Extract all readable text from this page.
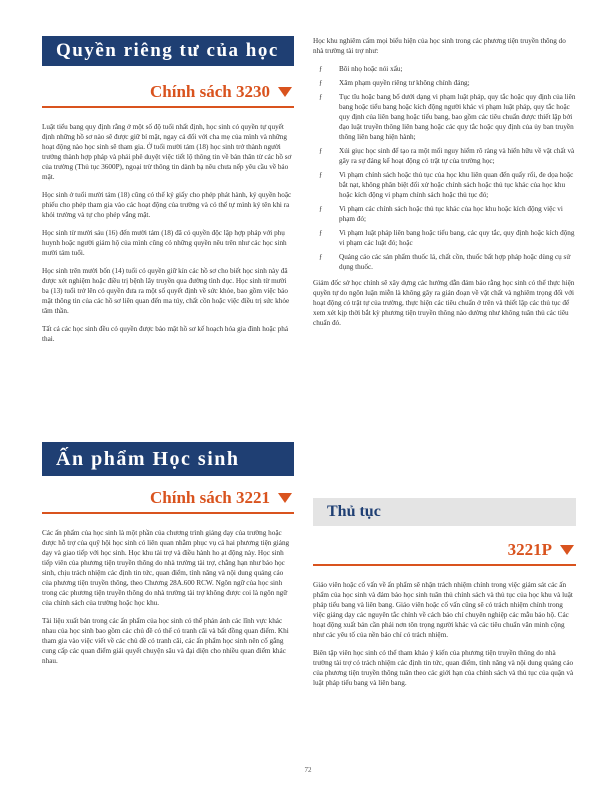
Quyền riêng tư của học sinh
Chính sách 3230

Luật tiểu bang quy định rằng ở một số độ tuổi nhất định, học sinh có quyền tự quyết định những hồ sơ nào sẽ được giữ bí mật, ngay cả đối với cha mẹ của mình và những hoạt động nào học sinh sẽ tham gia. Ở tuổi mười tám (18) học sinh trở thành người trưởng thành hợp pháp và phải phê duyệt việc tiết lộ thông tin về bản thân từ các hồ sơ của trường (Thủ tục 3600P), ngoại trừ thông tin dành bạ nêu chưa nếp yêu cầu về bảo mật.

Học sinh ở tuổi mười tám (18) cũng có thể ký giấy cho phép phát hành, ký quyền hoặc phiếu cho phép tham gia vào các hoạt động của trường và có thể tự mình ký tên khi ra khỏi trường và tự cho phép vắng mặt.

Học sinh từ mười sáu (16) đến mười tám (18) đã có quyền độc lập hợp pháp với phụ huynh hoặc người giám hộ của mình cũng có những quyền nêu trên như các học sinh mười tám tuổi.

Học sinh trên mười bốn (14) tuổi có quyền giữ kín các hồ sơ cho biết học sinh này đã được xét nghiệm hoặc điều trị bệnh lây truyền qua đường tình dục. Học sinh từ mười ba (13) tuổi trở lên có quyền đưa ra một số quyết định về sức khỏe, bao gồm việc bảo mật thông tin của các hồ sơ liên quan đến ma túy, chất cồn hoặc việc điều trị sức khỏe tâm thần.

Tất cả các học sinh đều có quyền được bảo mật hồ sơ kế hoạch hóa gia đình hoặc phá thai.

Ấn phẩm Học sinh
Chính sách 3221

Các ấn phẩm của học sinh là một phần của chương trình giảng dạy của trường hoặc được hỗ trợ của quỹ hội học sinh có liên quan nhằm phục vụ cả hai phương tiện giảng dạy và giao tiếp với học sinh. Học khu tài trợ và điều hành ho ạt động này. Học sinh tiếp viên của phương tiện truyền thông do nhà trường tài trợ, chẳng hạn như báo học sinh, chịu trách nhiệm các định tin tức, quan điểm, tính năng và nội dung quảng cáo của phương tiện truyền thông, theo Chương 28A.600 RCW. Ngôn ngữ của học sinh trong các phương tiện truyền thông do nhà trường tài trợ không được coi là ngôn ngữ của chính sách của trường hoặc học khu.

Tài liệu xuất bản trong các ấn phẩm của học sinh có thể phản ánh các lĩnh vực khác nhau của học sinh bao gồm các chủ đề có thể có tranh cãi và bất đồng quan điểm. Khi tham gia vào việc viết về các chủ đề có tranh cãi, các ấn phẩm học sinh nên cố gắng cung cấp các quan điểm giải quyết chuyện sâu và đại diện cho nhiều quan điểm khác nhau.

Học khu nghiêm cấm mọi biểu hiện của học sinh trong các phương tiện truyền thông do nhà trường tài trợ như:

ƒ Bôi nhọ hoặc nói xấu;
ƒ Xâm phạm quyền riêng tư không chính đáng;
ƒ Tục tĩu hoặc bang bổ dưới dạng vi phạm luật pháp, quy tắc hoặc quy định của liên bang hoặc tiểu bang hoặc kích động người khác vi phạm luật pháp, quy tắc hoặc quy định của liên bang hoặc tiểu bang, bao gồm các tiêu chuẩn được thiết lập bởi đạo luật truyền thông liên bang hoặc các quy tắc hoặc quy định của ủy ban truyền thông liên bang hiện hành;
ƒ Xúi giục học sinh để tạo ra một mối nguy hiểm rõ ràng và hiển hữu về vật chất và gây ra sự đáng kể hoạt động có trật tự của trường học;
ƒ Vi phạm chính sách hoặc thủ tục của học khu liên quan đến quấy rối, đe dọa hoặc bắt nạt, không phân biệt đối xử hoặc chính sách hoặc thủ tục khác của học khu hoặc kích động vi phạm chính sách hoặc thủ tục đó;
ƒ Vi phạm các chính sách hoặc thủ tục khác của học khu hoặc kích động việc vi phạm đó;
ƒ Vi phạm luật pháp liên bang hoặc tiểu bang, các quy tắc, quy định hoặc kích động vi phạm các luật đó; hoặc
ƒ Quảng cáo các sản phẩm thuốc lá, chất cồn, thuốc bất hợp pháp hoặc dùng cụ sử dụng thuốc.

Giám đốc sở học chính sẽ xây dựng các hướng dẫn đảm bảo rằng học sinh có thể thực hiện quyền tự do ngôn luận miễn là không gây ra gián đoạn về vật chất và nghiêm trọng đối với hoạt động có trật tự của trường, thực hiện các tiêu chuẩn ở trên và thiết lập các thủ tục để xem xét kịp thời bắt kỳ phương tiện truyền thông nào dường như không tuân thủ các tiêu chuẩn đó.

Thủ tục
3221P

Giáo viên hoặc cố vấn về ấn phẩm sẽ nhận trách nhiệm chính trong việc giám sát các ấn phẩm của học sinh và đảm bảo học sinh tuân thủ chính sách và thủ tục của học khu và luật pháp tiểu bang và liên bang. Giáo viên hoặc cố vấn cũng sẽ có trách nhiệm chính trong việc giảng dạy các nguyên tắc chính về cách báo chí chuyên nghiệp các mẫu báo hộ. Các hoạt động xuất bản cần phải nơn tôn trọng người khác và các tiêu chuẩn văn minh cộng như các yêu tố của nền báo chí có trách nhiệm.

Biên tập viên học sinh có thể tham khảo ý kiến của phương tiện truyền thông do nhà trường tài trợ có trách nhiệm các định tin tức, quan điểm, tính năng và nội dung quảng cáo của phương tiện truyền thông tuân theo các giới hạn của chính sách và thủ tục của quận và luật pháp tiểu bang và liên bang.

72
